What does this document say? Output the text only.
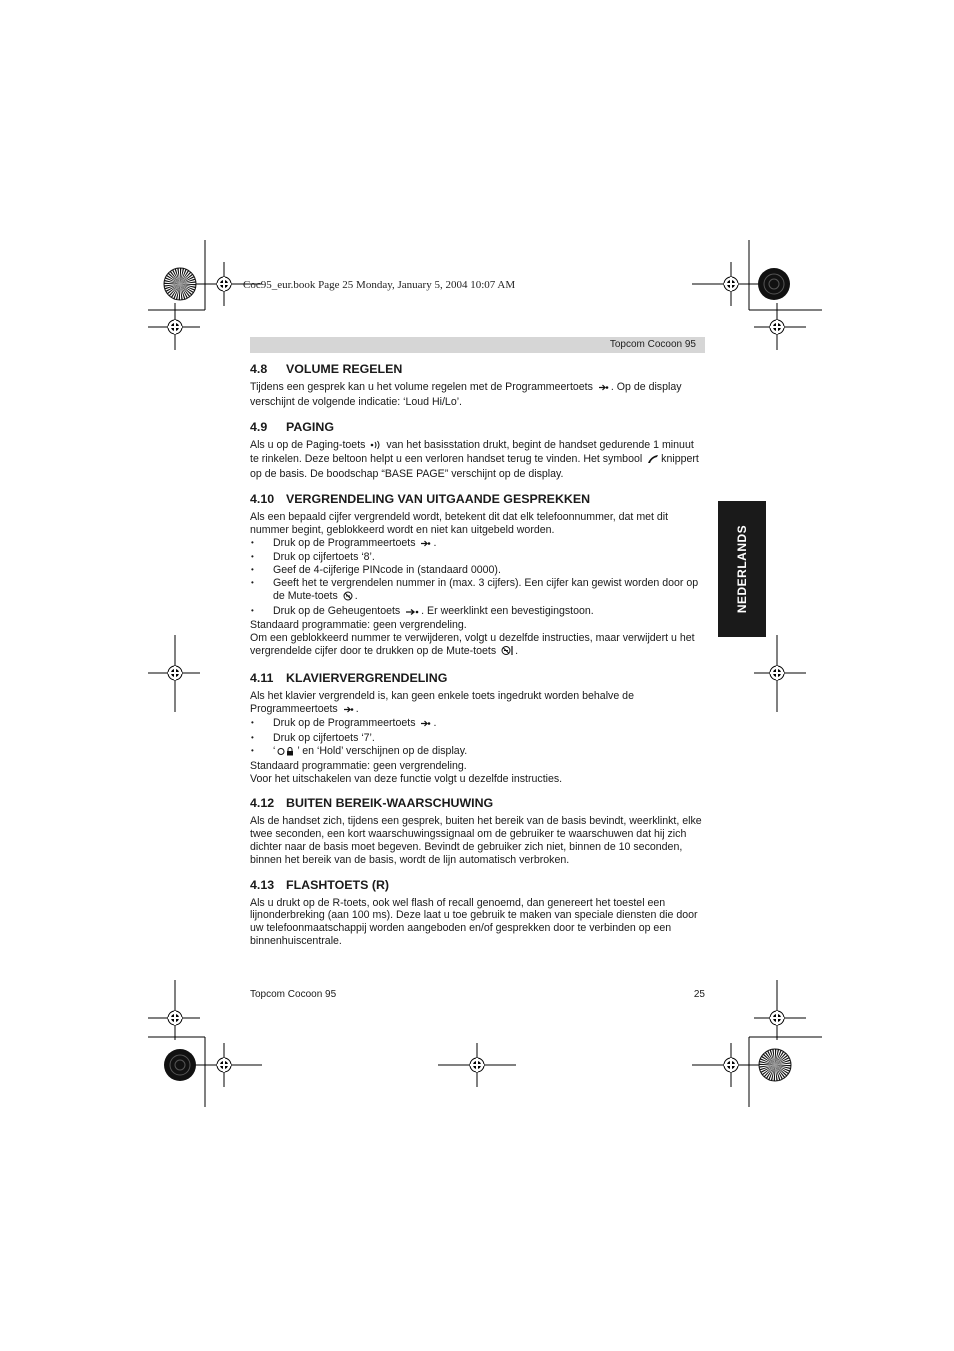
Coc95_eur.book Page 25 Monday, January 5, 2004 10:07 AM
Topcom Cocoon 95
NEDERLANDS
4.8 VOLUME REGELEN

Tijdens een gesprek kan u het volume regelen met de Programmeertoets . Op de display verschijnt de volgende indicatie: ‘Loud Hi/Lo’.

4.9 PAGING

Als u op de Paging-toets van het basisstation drukt, begint de handset gedurende 1 minuut te rinkelen. Deze beltoon helpt u een verloren handset terug te vinden. Het symbool knippert op de basis. De boodschap “BASE PAGE” verschijnt op de display.

4.10 VERGRENDELING VAN UITGAANDE GESPREKKEN

Als een bepaald cijfer vergrendeld wordt, betekent dit dat elk telefoonnummer, dat met dit nummer begint, geblokkeerd wordt en niet kan uitgebeld worden.

• Druk op de Programmeertoets .
• Druk op cijfertoets ‘8’.
• Geef de 4-cijferige PINcode in (standaard 0000).
• Geeft het te vergrendelen nummer in (max. 3 cijfers). Een cijfer kan gewist worden door op de Mute-toets .
• Druk op de Geheugentoets . Er weerklinkt een bevestigingstoon.

Standaard programmatie: geen vergrendeling.

Om een geblokkeerd nummer te verwijderen, volgt u dezelfde instructies, maar verwijdert u het vergrendelde cijfer door te drukken op de Mute-toets .

4.11 KLAVIERVERGRENDELING

Als het klavier vergrendeld is, kan geen enkele toets ingedrukt worden behalve de Programmeertoets .

• Druk op de Programmeertoets .
• Druk op cijfertoets ‘7’.
• ‘ ’ en ‘Hold’ verschijnen op de display.

Standaard programmatie: geen vergrendeling.

Voor het uitschakelen van deze functie volgt u dezelfde instructies.

4.12 BUITEN BEREIK-WAARSCHUWING

Als de handset zich, tijdens een gesprek, buiten het bereik van de basis bevindt, weerklinkt, elke twee seconden, een kort waarschuwingssignaal om de gebruiker te waarschuwen dat hij zich dichter naar de basis moet begeven. Bevindt de gebruiker zich niet, binnen de 10 seconden, binnen het bereik van de basis, wordt de lijn automatisch verbroken.

4.13 FLASHTOETS (R)

Als u drukt op de R-toets, ook wel flash of recall genoemd, dan genereert het toestel een lijnonderbreking (aan 100 ms). Deze laat u toe gebruik te maken van speciale diensten die door uw telefoonmaatschappij worden aangeboden en/of gesprekken door te verbinden op een binnenhuiscentrale.

Topcom Cocoon 95	25
